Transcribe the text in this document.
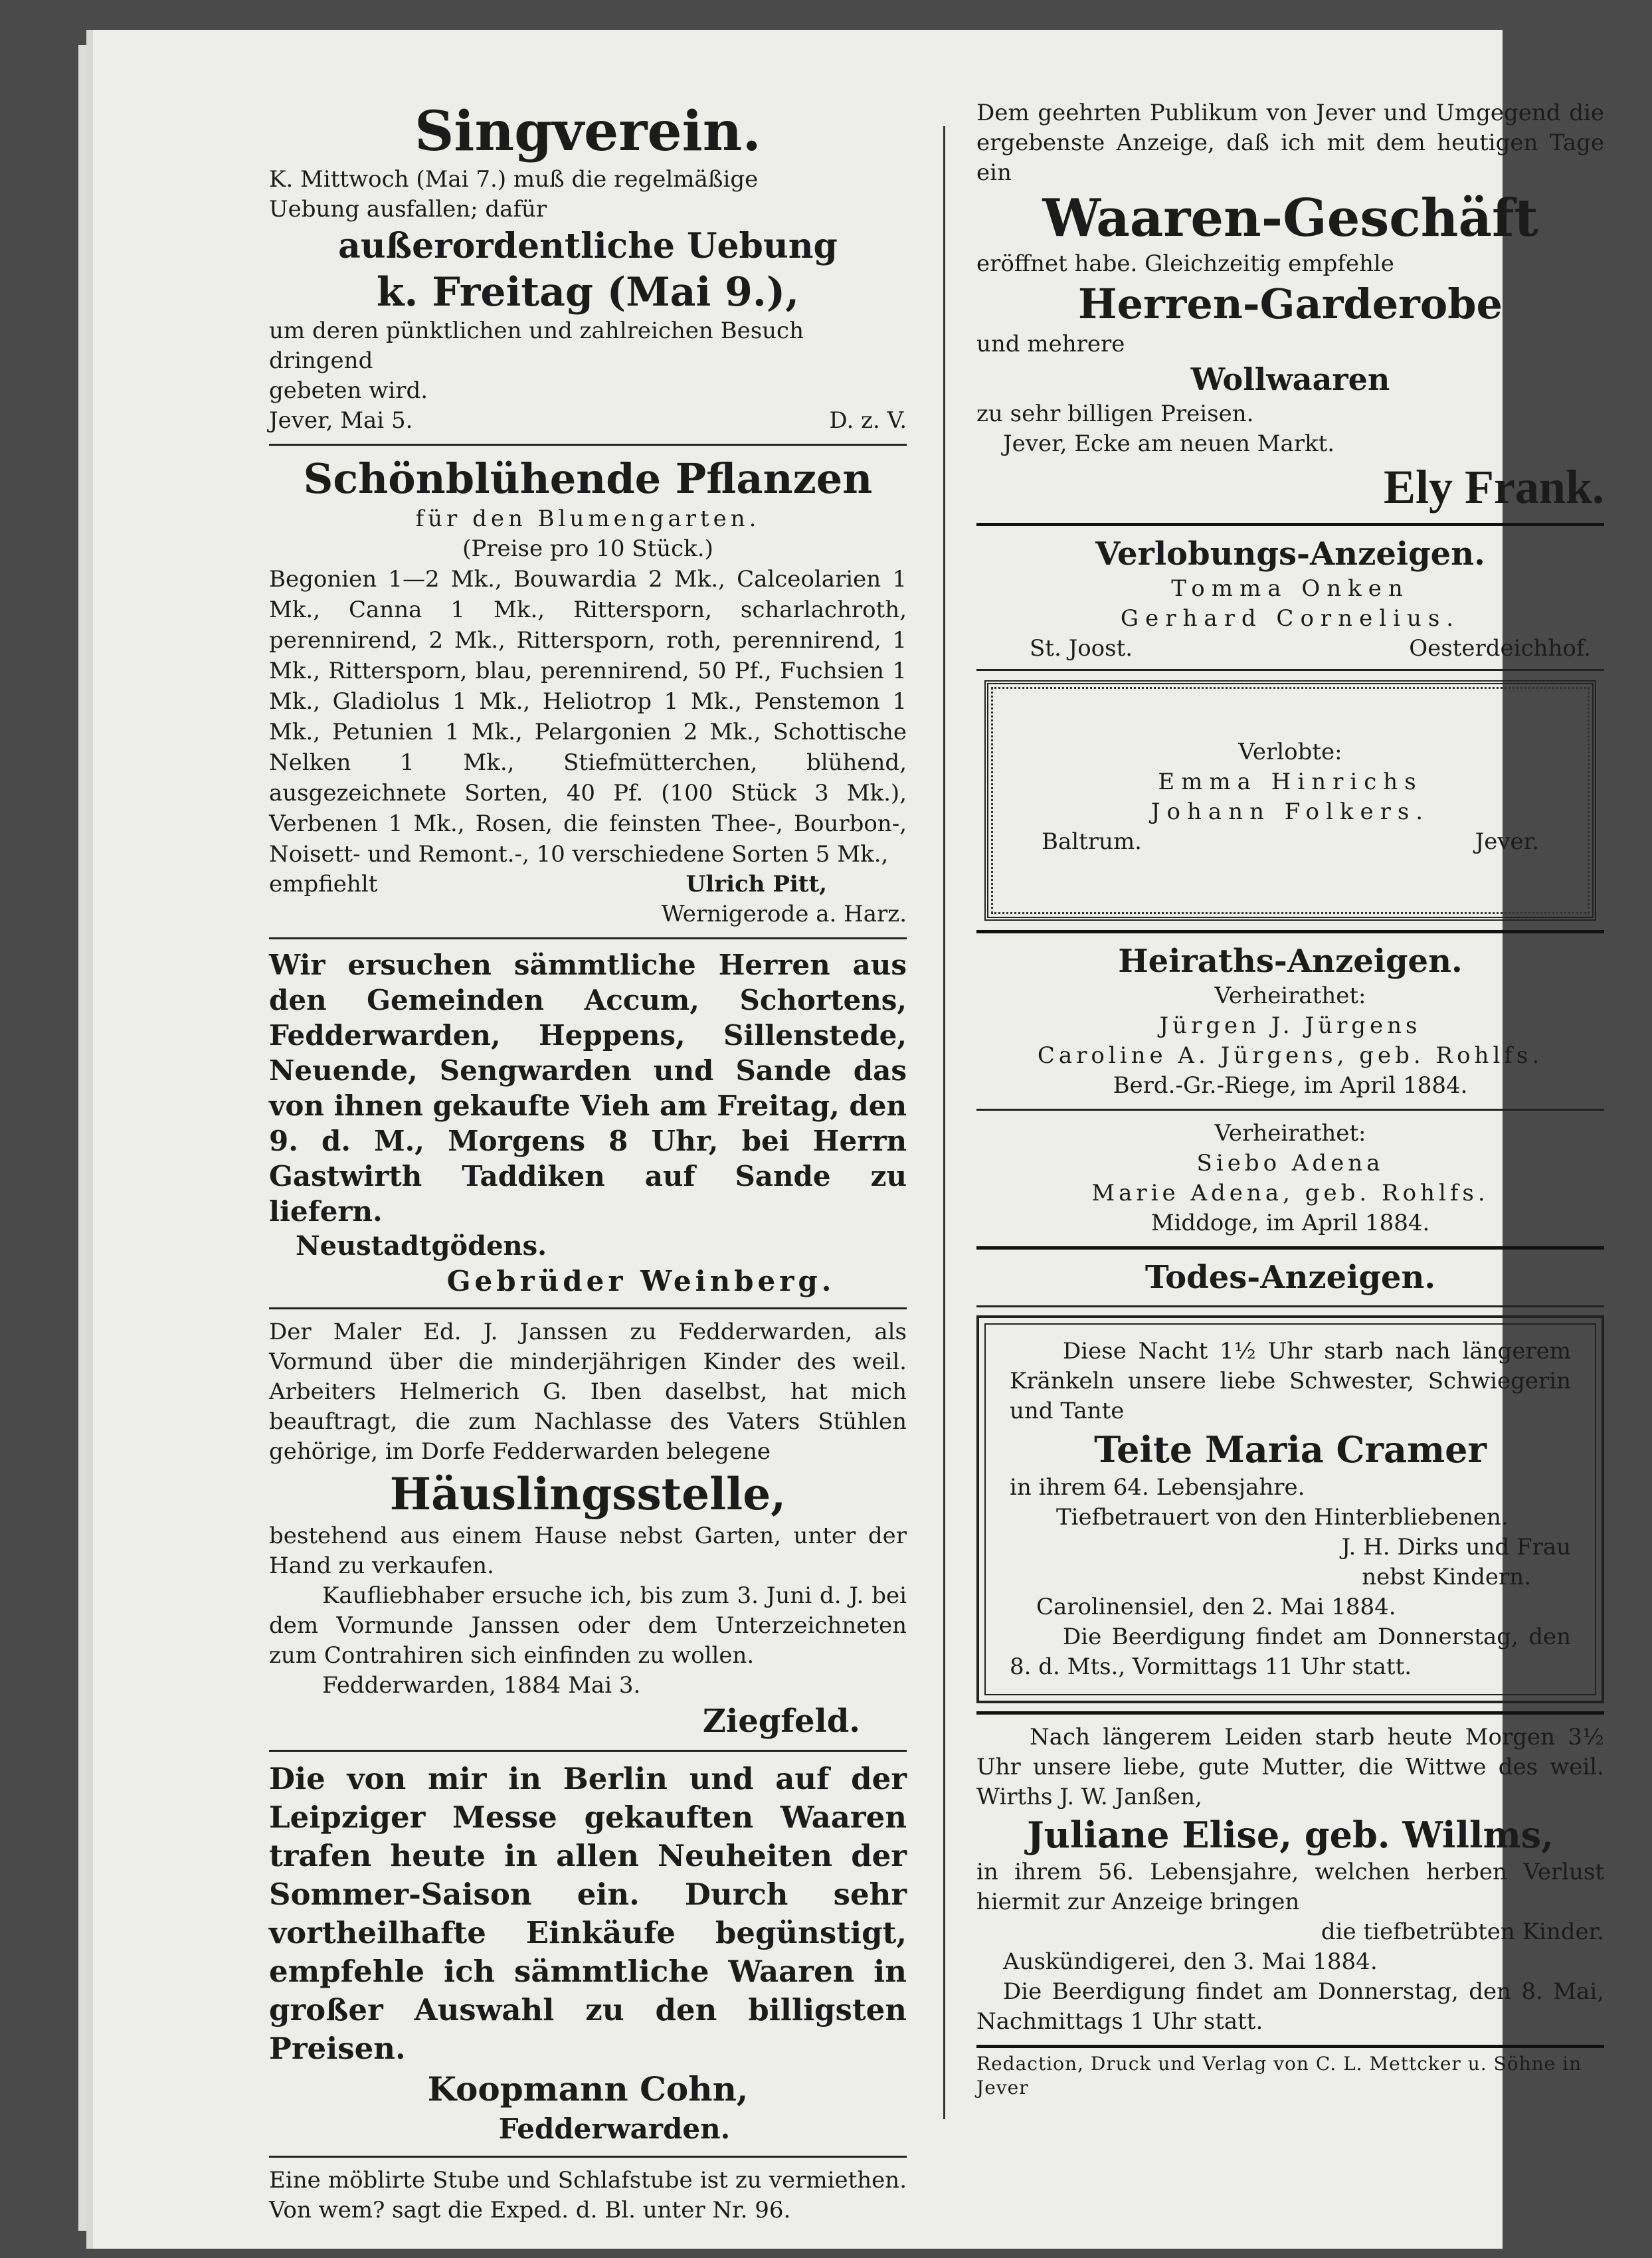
Singverein.
K. Mittwoch (Mai 7.) muß die regelmäßige
Uebung ausfallen; dafür
außerordentliche Uebung
k. Freitag (Mai 9.),
um deren pünktlichen und zahlreichen Besuch dringend
gebeten wird.
Jever, Mai 5.	D. z. V.
Schönblühende Pflanzen
für den Blumengarten.
(Preise pro 10 Stück.)
Begonien 1—2 Mk., Bouwardia 2 Mk., Calceolarien 1 Mk., Canna 1 Mk., Rittersporn, scharlachroth, perennirend, 2 Mk., Rittersporn, roth, perennirend, 1 Mk., Rittersporn, blau, perennirend, 50 Pf., Fuchsien 1 Mk., Gladiolus 1 Mk., Heliotrop 1 Mk., Penstemon 1 Mk., Petunien 1 Mk., Pelargonien 2 Mk., Schottische Nelken 1 Mk., Stiefmütterchen, blühend, ausgezeichnete Sorten, 40 Pf. (100 Stück 3 Mk.), Verbenen 1 Mk., Rosen, die feinsten Thee-, Bourbon-, Noisett- und Remont.-, 10 verschiedene Sorten 5 Mk.,
empfiehlt	Ulrich Pitt,
Wernigerode a. Harz.
Wir ersuchen sämmtliche Herren aus den Gemeinden Accum, Schortens, Fedderwarden, Heppens, Sillenstede, Neuende, Sengwarden und Sande das von ihnen gekaufte Vieh am Freitag, den 9. d. M., Morgens 8 Uhr, bei Herrn Gastwirth Taddiken auf Sande zu liefern.
Neustadtgödens.
Gebrüder Weinberg.
Der Maler Ed. J. Janssen zu Fedderwarden, als Vormund über die minderjährigen Kinder des weil. Arbeiters Helmerich G. Iben daselbst, hat mich beauftragt, die zum Nachlasse des Vaters Stühlen gehörige, im Dorfe Fedderwarden belegene
Häuslingsstelle,
bestehend aus einem Hause nebst Garten, unter der Hand zu verkaufen.
Kaufliebhaber ersuche ich, bis zum 3. Juni d. J. bei dem Vormunde Janssen oder dem Unterzeichneten zum Contrahiren sich einfinden zu wollen.
Fedderwarden, 1884 Mai 3.
Ziegfeld.
Die von mir in Berlin und auf der Leipziger Messe gekauften Waaren trafen heute in allen Neuheiten der Sommer-Saison ein. Durch sehr vortheilhafte Einkäufe begünstigt, empfehle ich sämmtliche Waaren in großer Auswahl zu den billigsten Preisen.
Koopmann Cohn,
Fedderwarden.
Eine möblirte Stube und Schlafstube ist zu vermiethen. Von wem? sagt die Exped. d. Bl. unter Nr. 96.
Dem geehrten Publikum von Jever und Umgegend die ergebenste Anzeige, daß ich mit dem heutigen Tage ein
Waaren-Geschäft
eröffnet habe. Gleichzeitig empfehle
Herren-Garderobe
und mehrere
Wollwaaren
zu sehr billigen Preisen.
Jever, Ecke am neuen Markt.
Ely Frank.
Verlobungs-Anzeigen.
Tomma Onken
Gerhard Cornelius.
St. Joost.	Oesterdeichhof.
Verlobte:
Emma Hinrichs
Johann Folkers.
Baltrum.	Jever.
Heiraths-Anzeigen.
Verheirathet:
Jürgen J. Jürgens
Caroline A. Jürgens, geb. Rohlfs.
Berd.-Gr.-Riege, im April 1884.
Verheirathet:
Siebo Adena
Marie Adena, geb. Rohlfs.
Middoge, im April 1884.
Todes-Anzeigen.
Diese Nacht 1½ Uhr starb nach längerem Kränkeln unsere liebe Schwester, Schwiegerin und Tante
Teite Maria Cramer
in ihrem 64. Lebensjahre.
Tiefbetrauert von den Hinterbliebenen.
J. H. Dirks und Frau
nebst Kindern.
Carolinensiel, den 2. Mai 1884.
Die Beerdigung findet am Donnerstag, den 8. d. Mts., Vormittags 11 Uhr statt.
Nach längerem Leiden starb heute Morgen 3½ Uhr unsere liebe, gute Mutter, die Wittwe des weil. Wirths J. W. Janßen,
Juliane Elise, geb. Willms,
in ihrem 56. Lebensjahre, welchen herben Verlust hiermit zur Anzeige bringen
die tiefbetrübten Kinder.
Auskündigerei, den 3. Mai 1884.
Die Beerdigung findet am Donnerstag, den 8. Mai, Nachmittags 1 Uhr statt.
Redaction, Druck und Verlag von C. L. Mettcker u. Söhne in Jever
